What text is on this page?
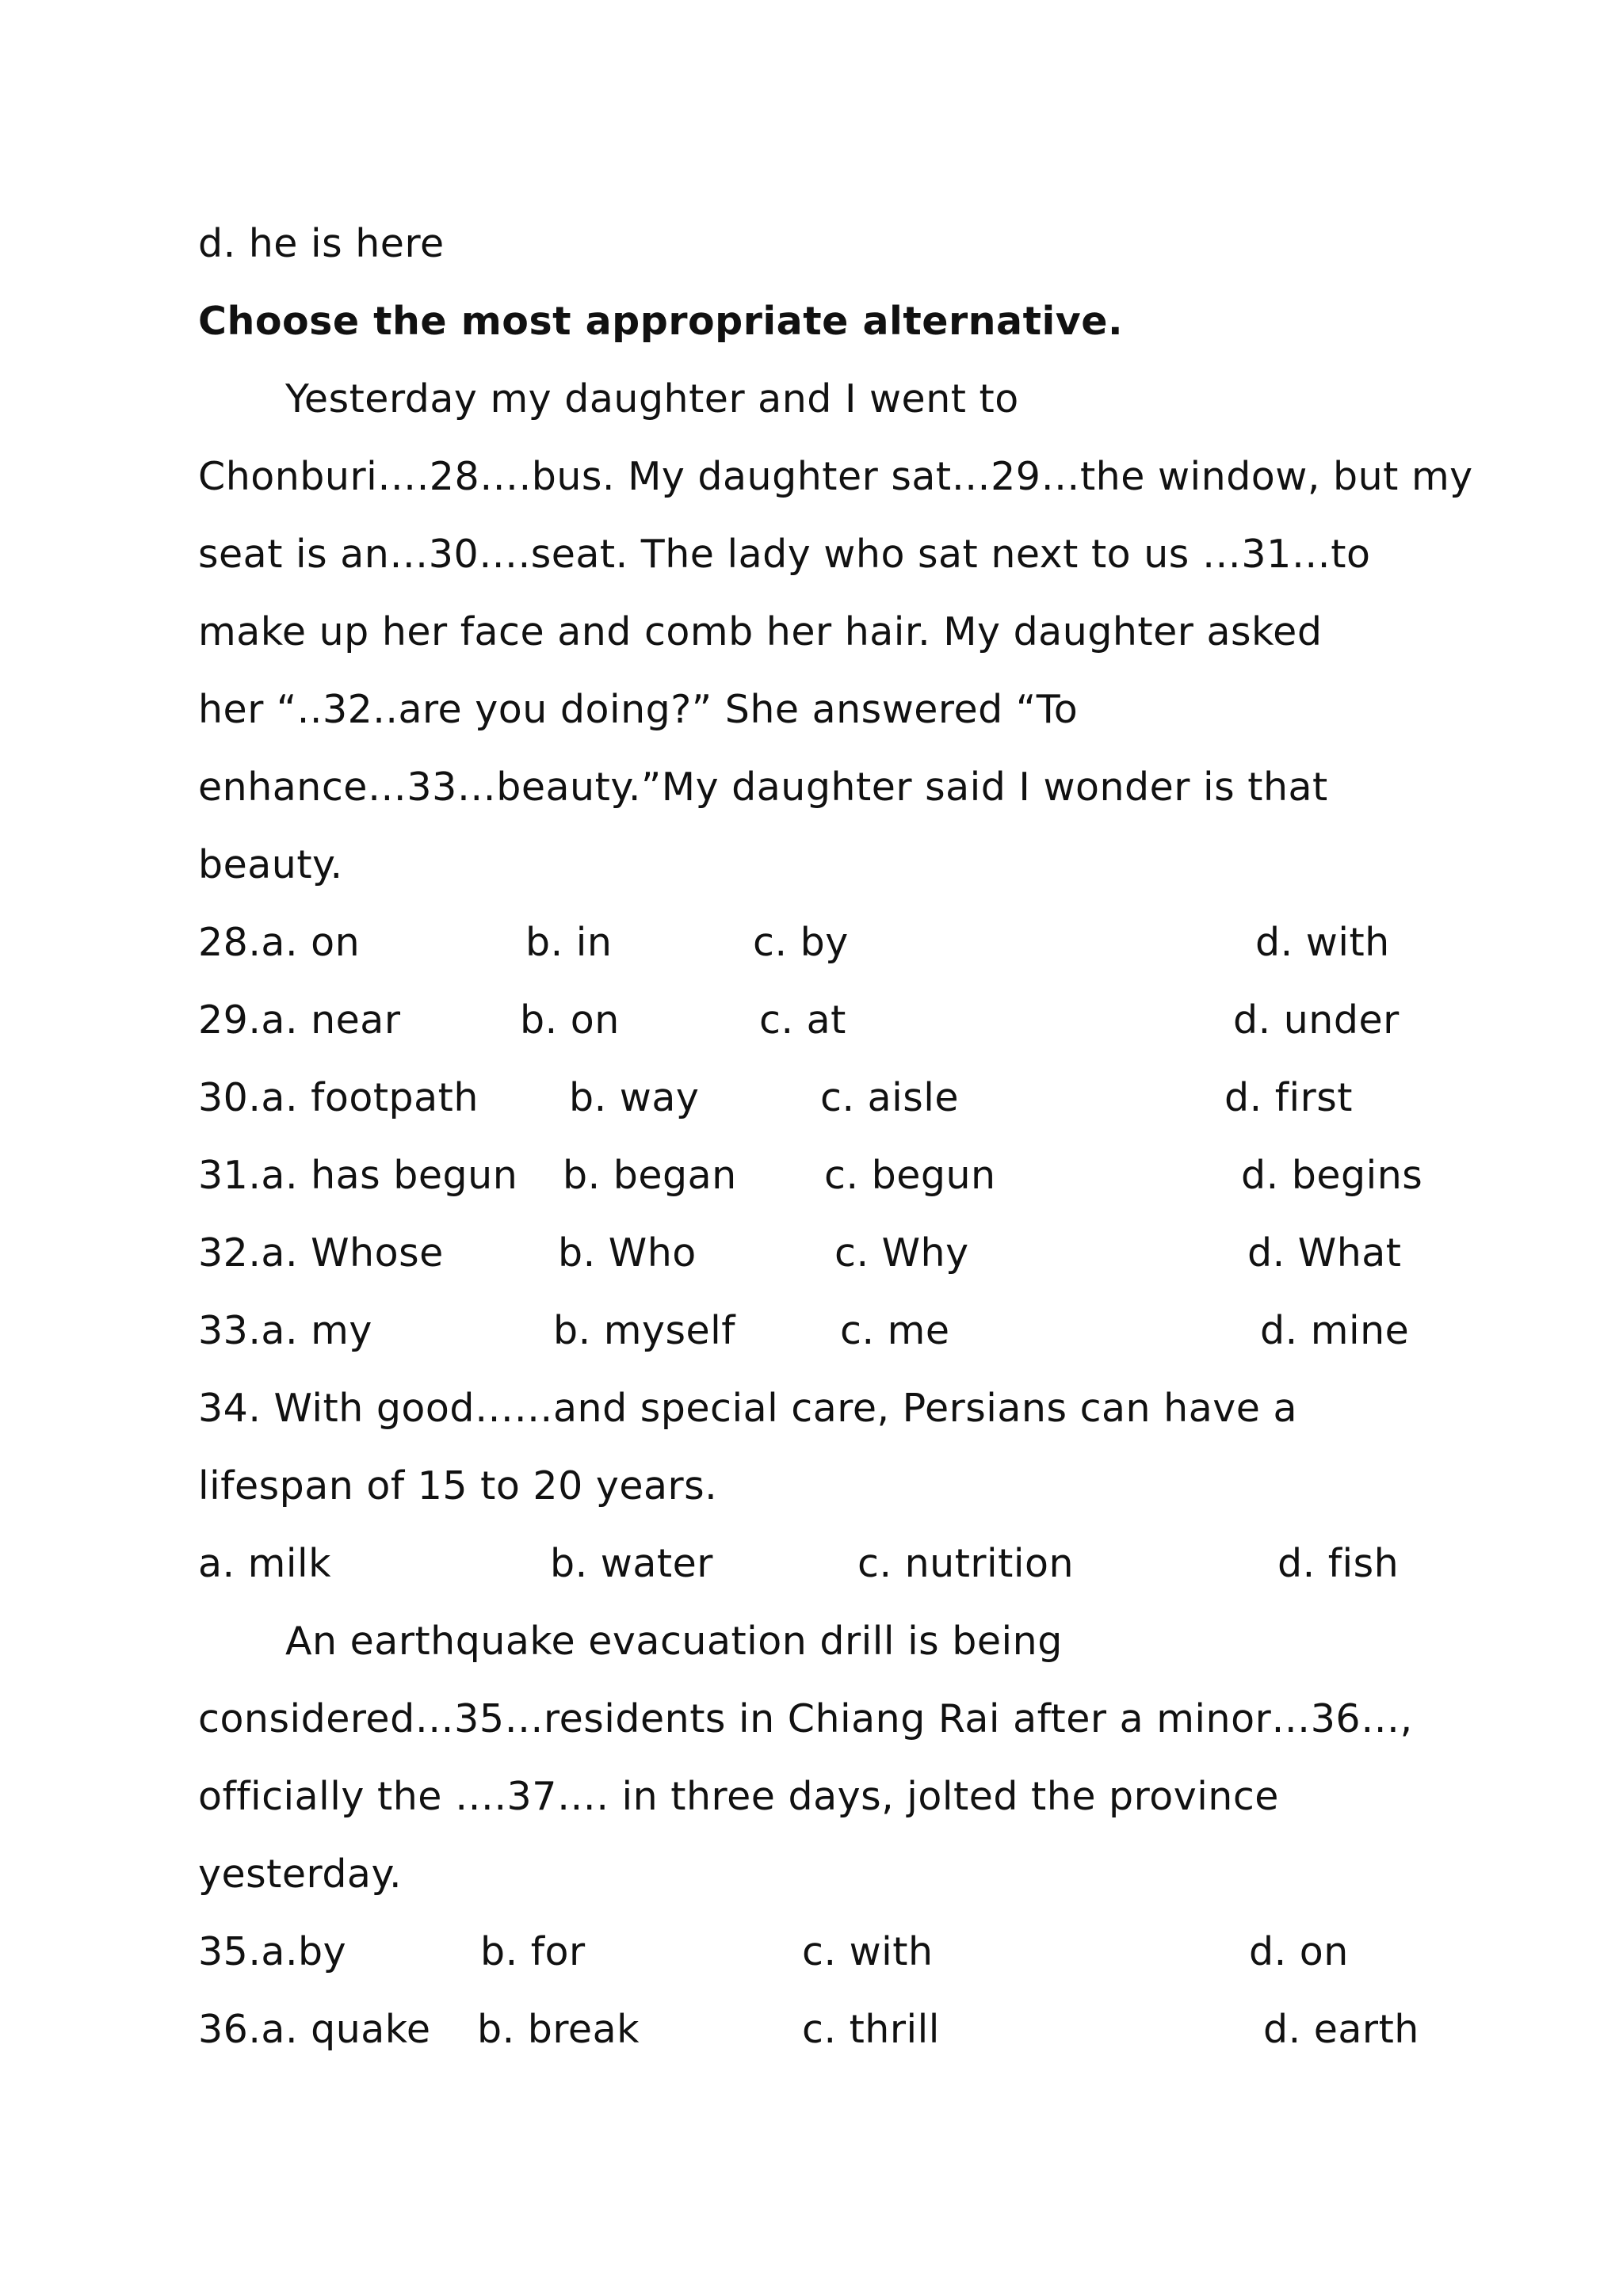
d. he is here
Choose the most appropriate alternative.
Yesterday my daughter and I went to
Chonburi….28….bus. My daughter sat…29…the window, but my
seat is an…30….seat. The lady who sat next to us …31…to
make up her face and comb her hair. My daughter asked
her “..32..are you doing?” She answered “To
enhance…33…beauty.”My daughter said I wonder is that
beauty.
28.a. on	b. in	c. by	d. with
29.a. near	b. on	c. at	d. under
30.a. footpath b. way	c. aisle	d. first
31.a. has begun b. began c. begun	d. begins
32.a. Whose	b. Who	c. Why	d. What
33.a. my	b. myself	c. me	d. mine
34. With good……and special care, Persians can have a
lifespan of 15 to 20 years.
a. milk	b. water	c. nutrition	d. fish
An earthquake evacuation drill is being
considered…35…residents in Chiang Rai after a minor…36…,
officially the ….37…. in three days, jolted the province
yesterday.
35.a.by	b. for	c. with	d. on
36.a. quake b. break	c. thrill	d. earth
